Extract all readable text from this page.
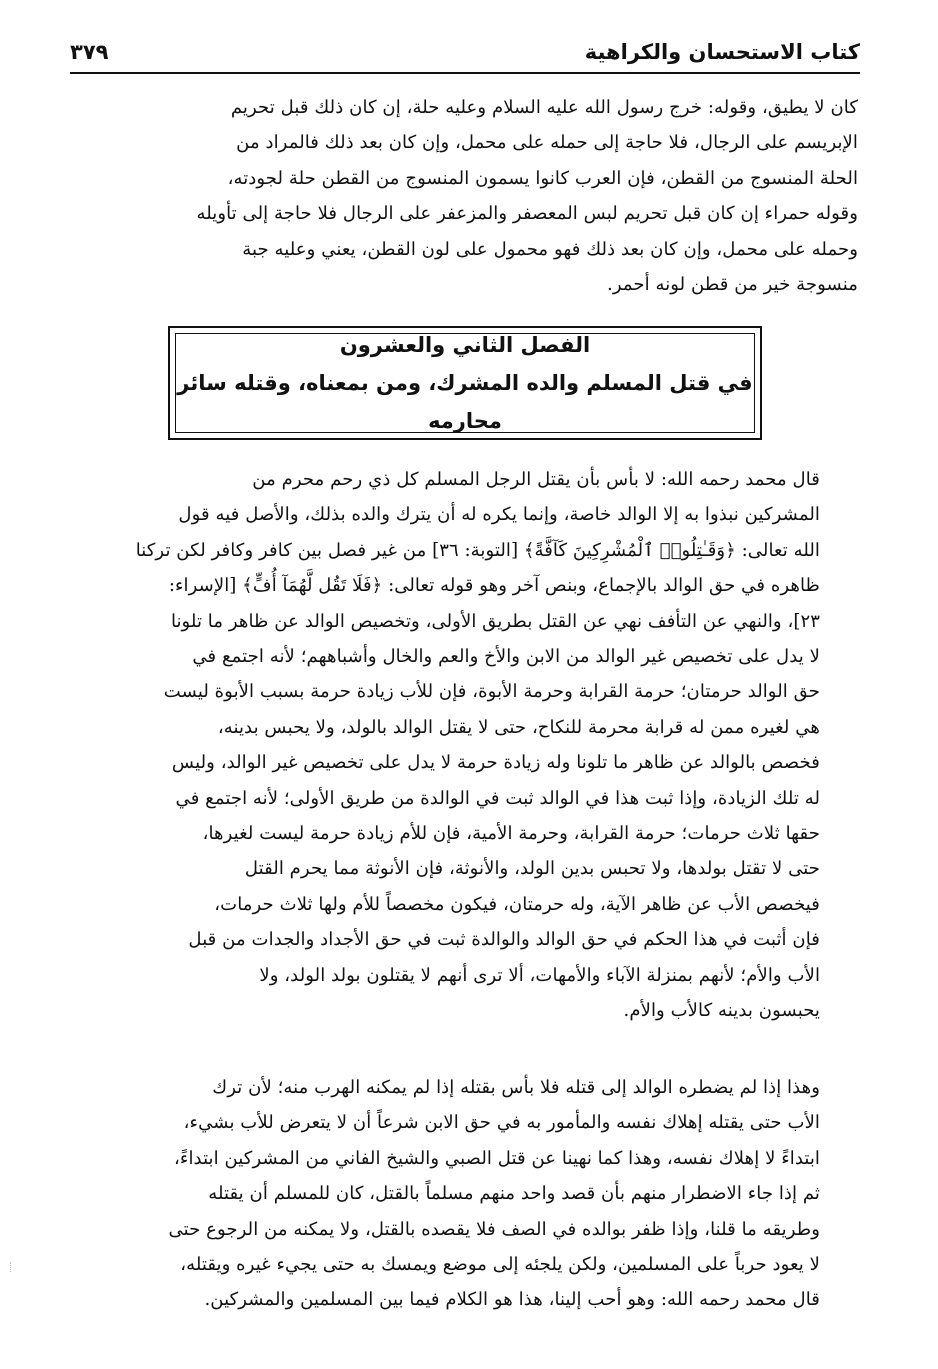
كتاب الاستحسان والكراهية
٣٧٩

كان لا يطيق، وقوله: خرج رسول الله عليه السلام وعليه حلة، إن كان ذلك قبل تحريم
الإبريسم على الرجال، فلا حاجة إلى حمله على محمل، وإن كان بعد ذلك فالمراد من
الحلة المنسوج من القطن، فإن العرب كانوا يسمون المنسوج من القطن حلة لجودته،
وقوله حمراء إن كان قبل تحريم لبس المعصفر والمزعفر على الرجال فلا حاجة إلى تأويله
وحمله على محمل، وإن كان بعد ذلك فهو محمول على لون القطن، يعني وعليه جبة
منسوجة خير من قطن لونه أحمر.

الفصل الثاني والعشرون
في قتل المسلم والده المشرك، ومن بمعناه، وقتله سائر محارمه

قال محمد رحمه الله: لا بأس بأن يقتل الرجل المسلم كل ذي رحم محرم من
المشركين نبذوا به إلا الوالد خاصة، وإنما يكره له أن يترك والده بذلك، والأصل فيه قول
الله تعالى: ﴿وَقَـٰتِلُوا۟ ٱلْمُشْرِكِينَ كَآفَّةً﴾ [التوبة: ٣٦] من غير فصل بين كافر وكافر لكن تركنا
ظاهره في حق الوالد بالإجماع، وبنص آخر وهو قوله تعالى: ﴿فَلَا تَقُل لَّهُمَآ أُفٍّ﴾ [الإسراء:
٢٣]، والنهي عن التأفف نهي عن القتل بطريق الأولى، وتخصيص الوالد عن ظاهر ما تلونا
لا يدل على تخصيص غير الوالد من الابن والأخ والعم والخال وأشباههم؛ لأنه اجتمع في
حق الوالد حرمتان؛ حرمة القرابة وحرمة الأبوة، فإن للأب زيادة حرمة بسبب الأبوة ليست
هي لغيره ممن له قرابة محرمة للنكاح، حتى لا يقتل الوالد بالولد، ولا يحبس بدينه،
فخصص بالوالد عن ظاهر ما تلونا وله زيادة حرمة لا يدل على تخصيص غير الوالد، وليس
له تلك الزيادة، وإذا ثبت هذا في الوالد ثبت في الوالدة من طريق الأولى؛ لأنه اجتمع في
حقها ثلاث حرمات؛ حرمة القرابة، وحرمة الأمية، فإن للأم زيادة حرمة ليست لغيرها،
حتى لا تقتل بولدها، ولا تحبس بدين الولد، والأنوثة، فإن الأنوثة مما يحرم القتل
فيخصص الأب عن ظاهر الآية، وله حرمتان، فيكون مخصصاً للأم ولها ثلاث حرمات،
فإن أثبت في هذا الحكم في حق الوالد والوالدة ثبت في حق الأجداد والجدات من قبل
الأب والأم؛ لأنهم بمنزلة الآباء والأمهات، ألا ترى أنهم لا يقتلون بولد الولد، ولا
يحبسون بدينه كالأب والأم.

وهذا إذا لم يضطره الوالد إلى قتله فلا بأس بقتله إذا لم يمكنه الهرب منه؛ لأن ترك
الأب حتى يقتله إهلاك نفسه والمأمور به في حق الابن شرعاً أن لا يتعرض للأب بشيء،
ابتداءً لا إهلاك نفسه، وهذا كما نهينا عن قتل الصبي والشيخ الفاني من المشركين ابتداءً،
ثم إذا جاء الاضطرار منهم بأن قصد واحد منهم مسلماً بالقتل، كان للمسلم أن يقتله
وطريقه ما قلنا، وإذا ظفر بوالده في الصف فلا يقصده بالقتل، ولا يمكنه من الرجوع حتى
لا يعود حرباً على المسلمين، ولكن يلجئه إلى موضع ويمسك به حتى يجيء غيره ويقتله،
قال محمد رحمه الله: وهو أحب إلينا، هذا هو الكلام فيما بين المسلمين والمشركين.
